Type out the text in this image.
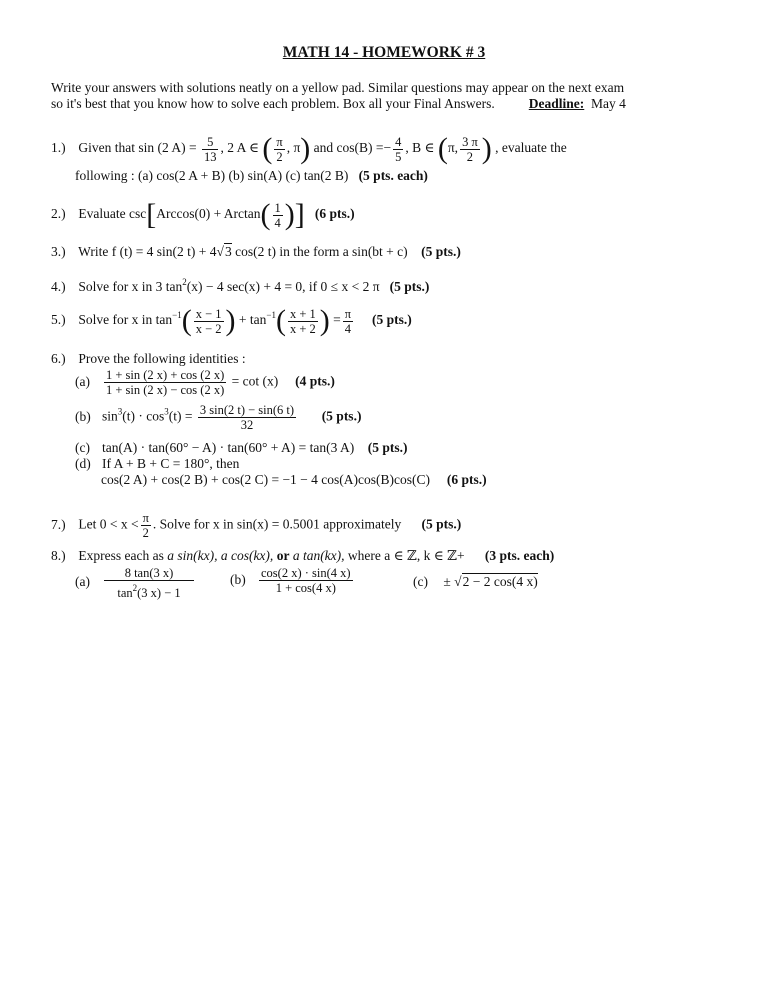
MATH 14 - HOMEWORK # 3
Write your answers with solutions neatly on a yellow pad. Similar questions may appear on the next exam
so it's best that you know how to solve each problem. Box all your Final Answers.	Deadline: May 4
1.) Given that sin (2 $A) = \frac{5}{13}$ , 2 A ∈ ( $\frac{\pi}{2}$ , π) and $\cos(B) =- \frac{4}{5}$ , B ∈ (π, $\frac{3 \pi}{2}$ ) , evaluate the
following : (a) cos(2 A + B) (b) sin(A) (c) tan(2 B) (5 pts. each)
2.) Evaluate $\csc[Arccos(0) + Arctan( \frac{1}{4}$ )] (6 pts.)
3.) Write f (t) = 4 sin(2 t) + 4√3 cos(2 t) in the form a sin(bt + c) (5 pts.)
4.) Solve for x in 3 $\tan^2(x) - 4$ sec(x) + 4 = 0, if 0 ≤ x < 2 π (5 pts.)
5.) Solve for x in $\tan^{-1}( \frac{x - 1}{x - 2}$ ) + $\tan^{-1}( \frac{x + 1}{x + 2}$ ) = $\frac{\pi}{4} (5$ pts.)
6.) Prove the following identities :
$(a) \frac{1 + \sin (2 x) + \cos (2 x)}{1 + \sin (2 x) - \cos (2 x)} = \cot (x)$ (4 pts.)
(b) $\sin^3(t) \cdot \cos^3(t) = \frac{3 \sin(2 t) - \sin(6 t)}{32} (5$ pts.)
(c) tan(A) · tan(60° − A) · tan(60° + A) = tan(3 A) (5 pts.)
(d) If A + B + C = 180°, then
cos(2 A) + cos(2 B) + cos(2 C) = −1 − 4 cos(A)cos(B)cos(C) (6 pts.)
7.) Let $0 < x < \frac{\pi}{2}$ . Solve for x in sin(x) = 0.5001 approximately (5 pts.)
8.) Express each as a sin(kx), a cos(kx), or a tan(kx), where a ∈ ℤ, k ∈ ℤ+ (3 pts. each)
$(a) \frac{8 \tan(3 x)}{\tan^2(3 x) - 1}$	$(b) \frac{\cos(2 x) \cdot \sin(4 x)}{1 + \cos(4 x)}$	(c) ± √2 − 2 cos(4 x)
